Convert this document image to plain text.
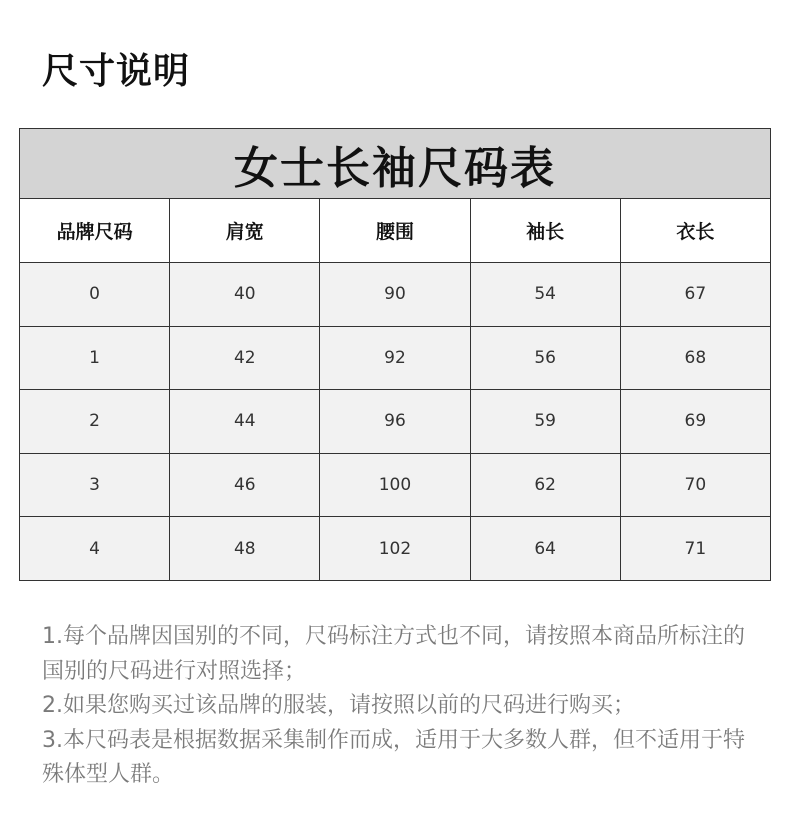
尺寸说明
女士长袖尺码表				
品牌尺码	肩宽	腰围	袖长	衣长
0	40	90	54	67
1	42	92	56	68
2	44	96	59	69
3	46	100	62	70
4	48	102	64	71

1.每个品牌因国别的不同，尺码标注方式也不同，请按照本商品所标注的国别的尺码进行对照选择；

2.如果您购买过该品牌的服装，请按照以前的尺码进行购买；

3.本尺码表是根据数据采集制作而成，适用于大多数人群，但不适用于特殊体型人群。
